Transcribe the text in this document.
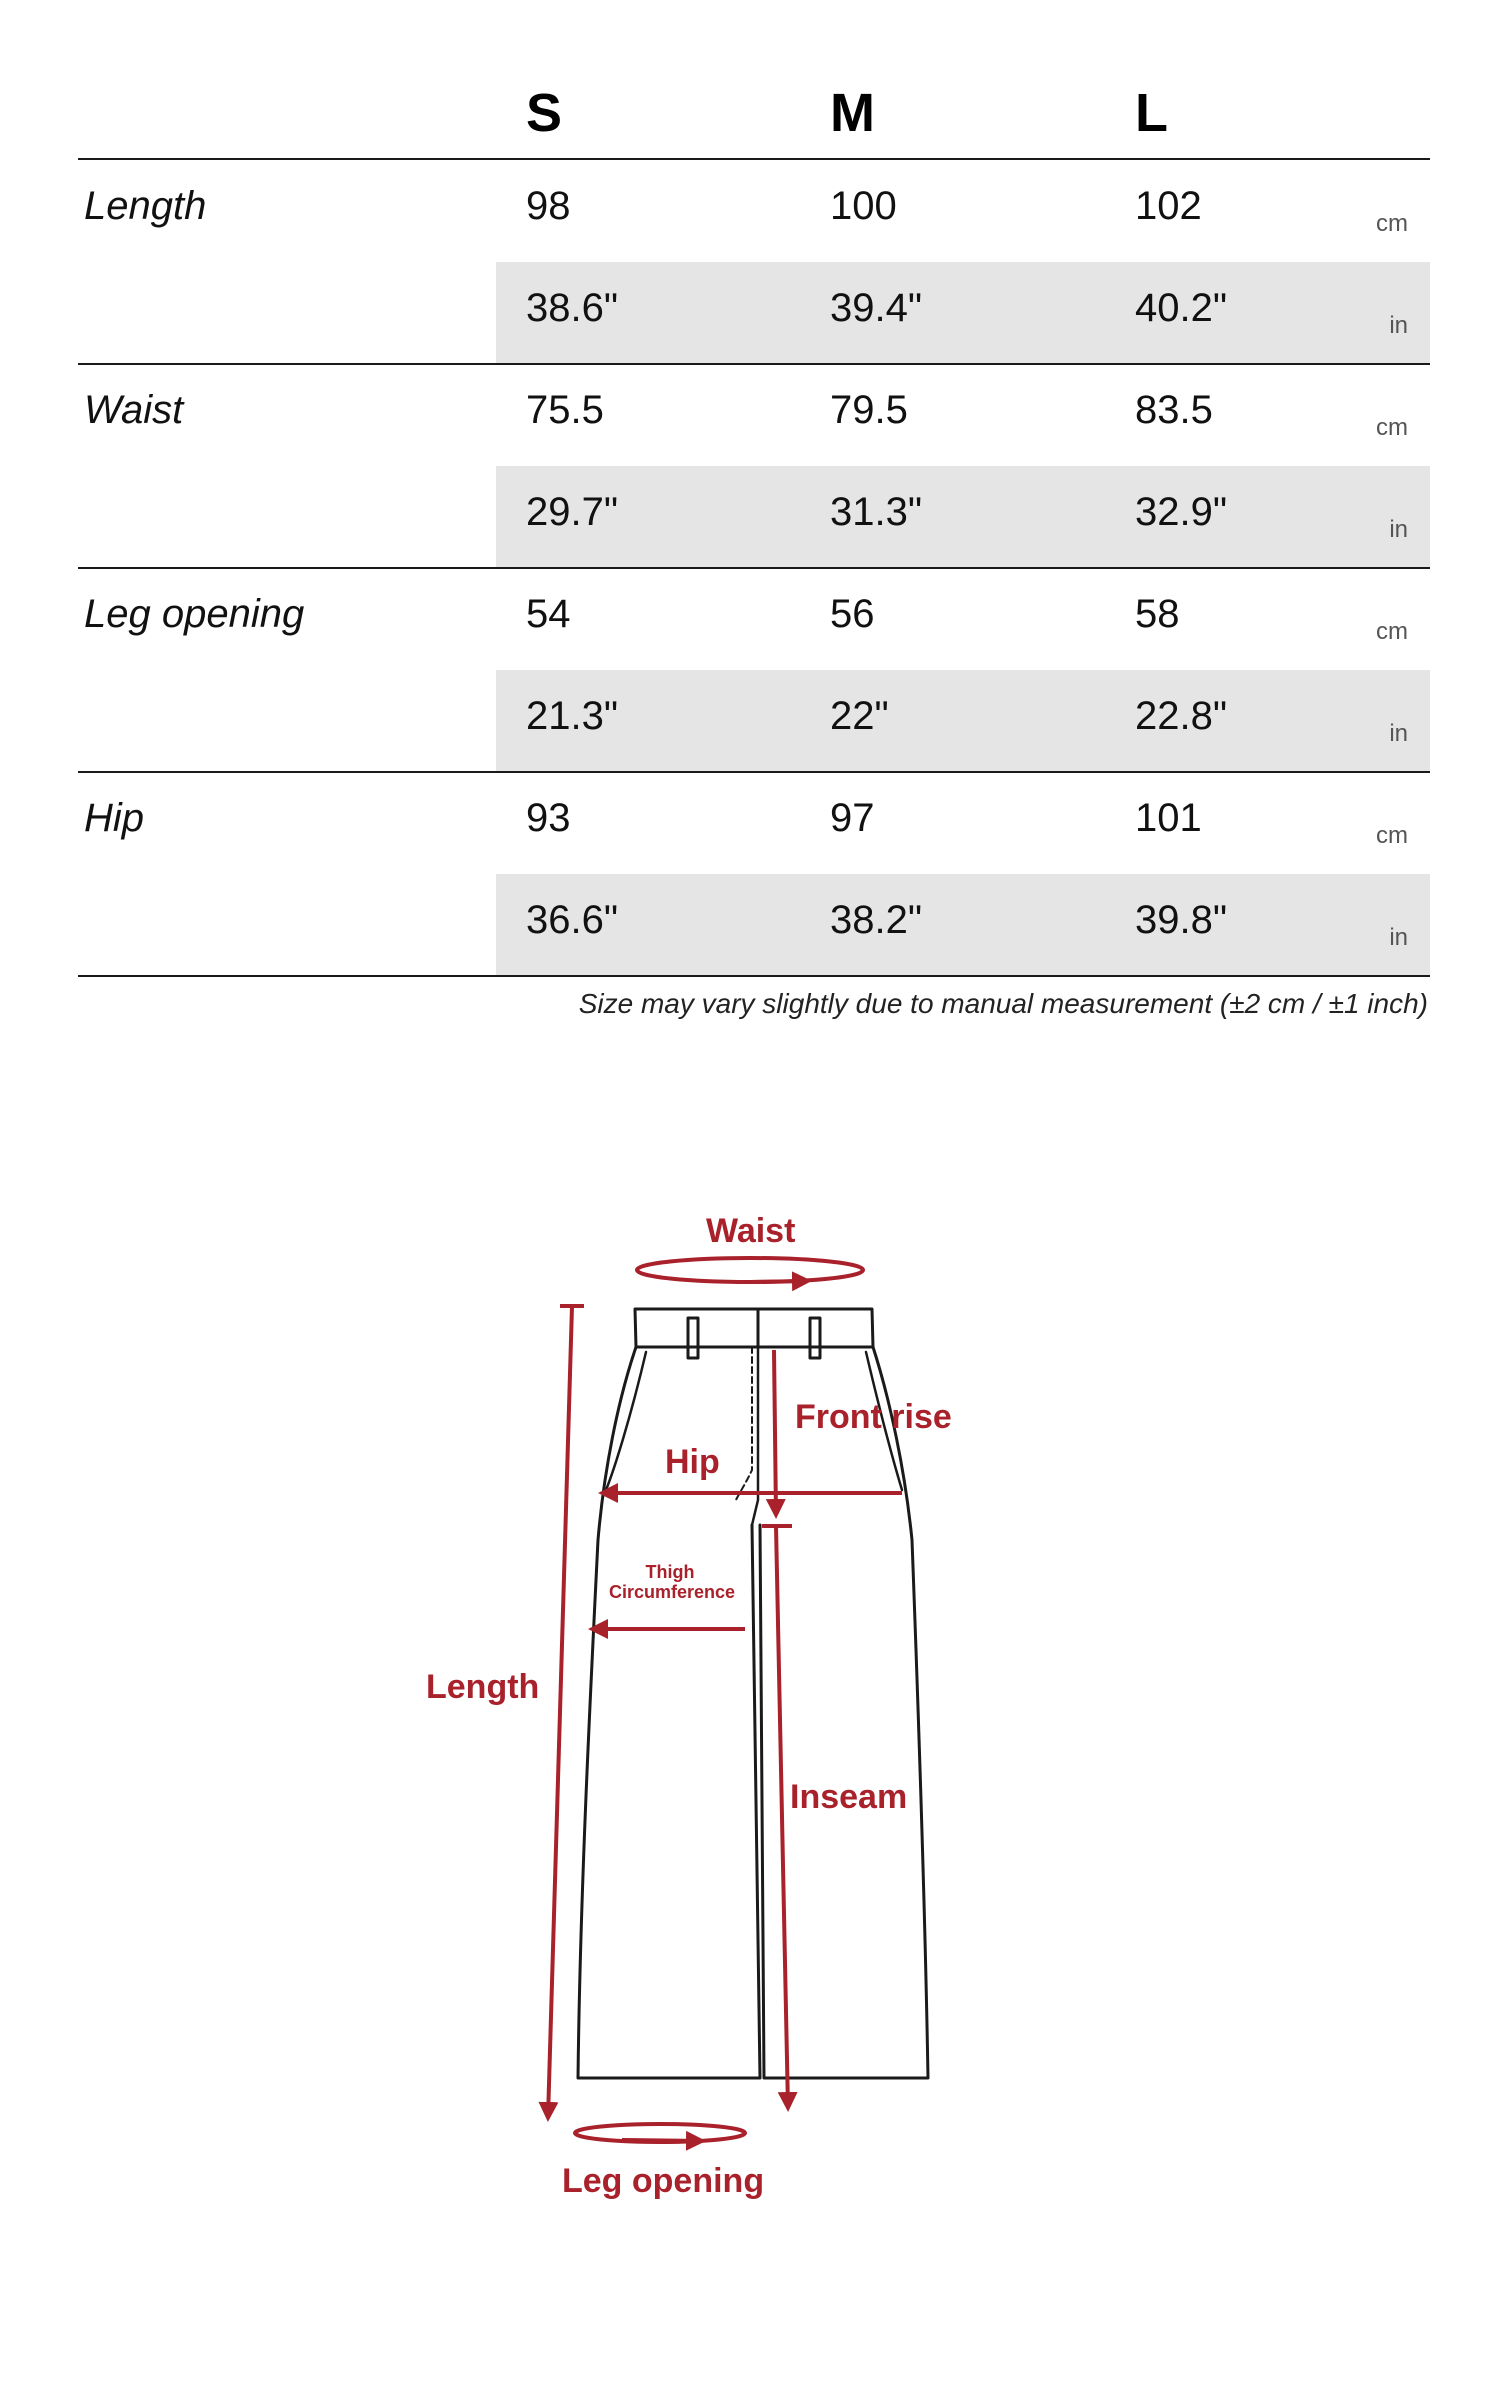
S	M	L
Length	98	100	102	cm
38.6"	39.4"	40.2"	in
Waist	75.5	79.5	83.5	cm
29.7"	31.3"	32.9"	in
Leg opening	54	56	58	cm
21.3"	22"	22.8"	in
Hip	93	97	101	cm
36.6"	38.2"	39.8"	in
Size may vary slightly due to manual measurement (±2 cm / ±1 inch)
Waist
Front rise
Hip
Thigh
Circumference
Length
Inseam
Leg opening
